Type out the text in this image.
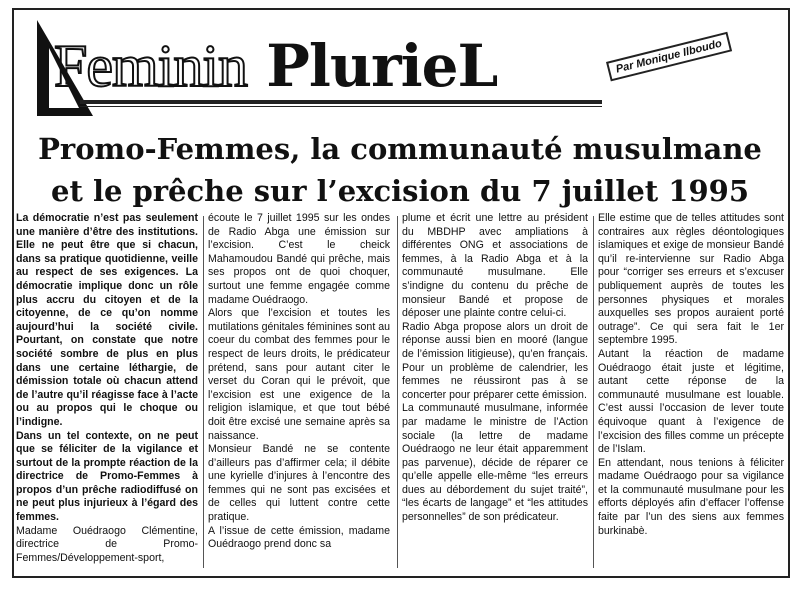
Feminin PlurieL	Par Monique Ilboudo
Promo-Femmes, la communauté musulmane
et le prêche sur l’excision du 7 juillet 1995

La démocratie n’est pas seulement une manière d’être des institutions. Elle ne peut être que si chacun, dans sa pratique quotidienne, veille au respect de ses exigences. La démocratie implique donc un rôle plus accru du citoyen et de la citoyenne, de ce qu’on nomme aujourd’hui la société civile. Pourtant, on constate que notre société sombre de plus en plus dans une certaine léthargie, de démission totale où chacun attend de l’autre qu’il réagisse face à l’acte ou au propos qui le choque ou l’indigne.

Dans un tel contexte, on ne peut que se féliciter de la vigilance et surtout de la prompte réaction de la directrice de Promo-Femmes à propos d’un prêche radiodiffusé on ne peut plus injurieux à l’égard des femmes.

Madame Ouédraogo Clémentine, directrice de Promo-Femmes/Développement-sport,

écoute le 7 juillet 1995 sur les ondes de Radio Abga une émission sur l’excision. C’est le cheick Mahamoudou Bandé qui prêche, mais ses propos ont de quoi choquer, surtout une femme engagée comme madame Ouédraogo.

Alors que l’excision et toutes les mutilations génitales féminines sont au coeur du combat des femmes pour le respect de leurs droits, le prédicateur prétend, sans pour autant citer le verset du Coran qui le prévoit, que l’excision est une exigence de la religion islamique, et que tout bébé doit être excisé une semaine après sa naissance.

Monsieur Bandé ne se contente d’ailleurs pas d’affirmer cela; il débite une kyrielle d’injures à l’encontre des femmes qui ne sont pas excisées et de celles qui luttent contre cette pratique.

A l’issue de cette émission, madame Ouédraogo prend donc sa

plume et écrit une lettre au président du MBDHP avec ampliations à différentes ONG et associations de femmes, à la Radio Abga et à la communauté musulmane. Elle s’indigne du contenu du prêche de monsieur Bandé et propose de déposer une plainte contre celui-ci.

Radio Abga propose alors un droit de réponse aussi bien en mooré (langue de l’émission litigieuse), qu’en français. Pour un problème de calendrier, les femmes ne réussiront pas à se concerter pour préparer cette émission.

La communauté musulmane, informée par madame le ministre de l’Action sociale (la lettre de madame Ouédraogo ne leur était apparemment pas parvenue), décide de réparer ce qu’elle appelle elle-même “les erreurs dues au débordement du sujet traité”, “les écarts de langage” et “les attitudes personnelles” de son prédicateur.

Elle estime que de telles attitudes sont contraires aux règles déontologiques islamiques et exige de monsieur Bandé qu’il re-intervienne sur Radio Abga pour “corriger ses erreurs et s’excuser publiquement auprès de toutes les personnes physiques et morales auxquelles ses propos auraient porté outrage”. Ce qui sera fait le 1er septembre 1995.

Autant la réaction de madame Ouédraogo était juste et légitime, autant cette réponse de la communauté musulmane est louable. C’est aussi l’occasion de lever toute équivoque quant à l’exigence de l’excision des filles comme un précepte de l’Islam.

En attendant, nous tenions à féliciter madame Ouédraogo pour sa vigilance et la communauté musulmane pour les efforts déployés afin d’effacer l’offense faite par l’un des siens aux femmes burkinabè.
